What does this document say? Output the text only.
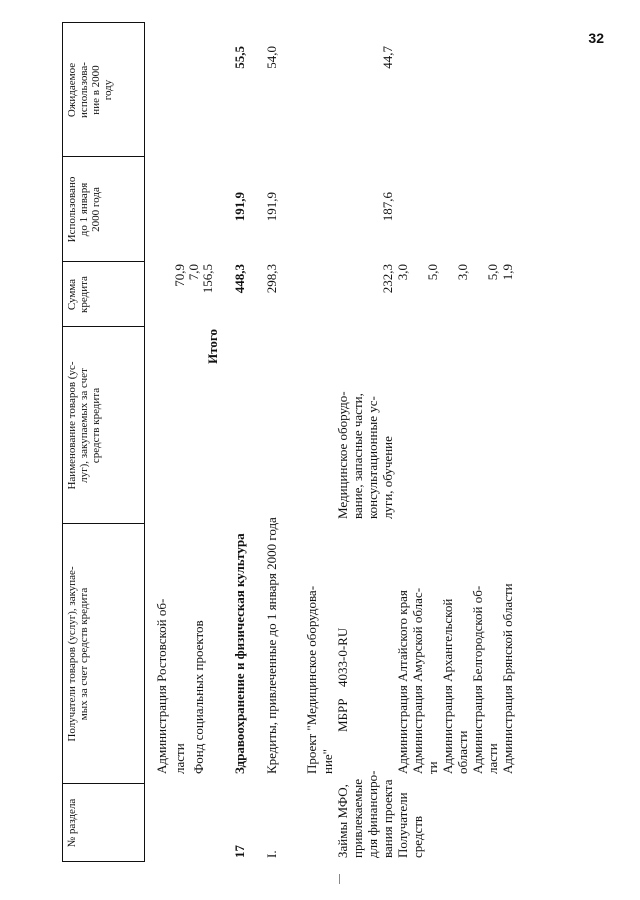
32
№ раздела
Получатели товаров (услуг), закупае- мых за счет средств кредита
Наименование товаров (ус- луг), закупаемых за счет средств кредита
Сумма кредита
Использовано до 1 января 2000 года
Ожидаемое использова- ние в 2000 году
Администрация Ростовской об- ласти
70,9
Фонд социальных проектов
7,0
Итого
156,5
17
Здравоохранение и физическая культура
448,3
191,9
55,5
I.
Кредиты, привлеченные до 1 января 2000 года
298,3
191,9
54,0
Проект "Медицинское оборудова- ние"
Займы МФО, привлекаемые для финансиро- вания проекта
МБРР
4033-0-RU
Медицинское оборудо- вание, запасные части, консультационные ус- луги, обучение
232,3
187,6
44,7
Получатели средств
Администрация Алтайского края
3,0
Администрация Амурской облас- ти
5,0
Администрация Архангельской области
3,0
Администрация Белгородской об- ласти
5,0
Администрация Брянской области
1,9
